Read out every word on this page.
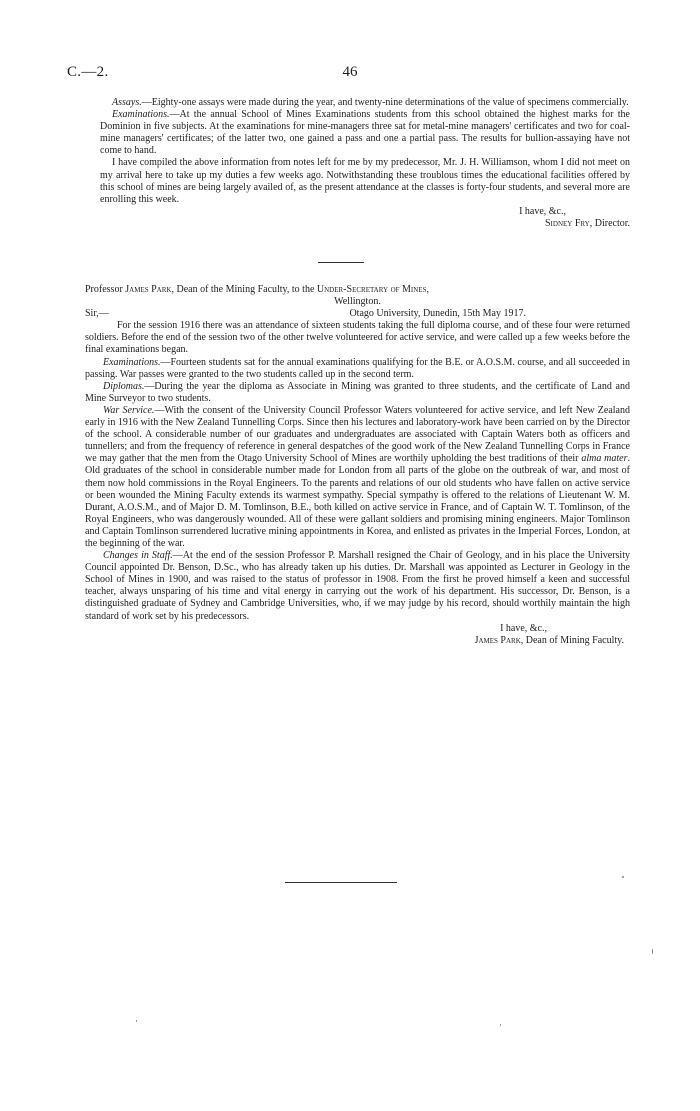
C.—2.	46

Assays.—Eighty-one assays were made during the year, and twenty-nine determinations of the value of specimens commercially.

Examinations.—At the annual School of Mines Examinations students from this school obtained the highest marks for the Dominion in five subjects. At the examinations for mine-managers three sat for metal-mine managers' certificates and two for coal-mine managers' certificates; of the latter two, one gained a pass and one a partial pass. The results for bullion-assaying have not come to hand.

I have compiled the above information from notes left for me by my predecessor, Mr. J. H. Williamson, whom I did not meet on my arrival here to take up my duties a few weeks ago. Notwithstanding these troublous times the educational facilities offered by this school of mines are being largely availed of, as the present attendance at the classes is forty-four students, and several more are enrolling this week.

I have, &c.,

Sidney Fry, Director.

Professor James Park, Dean of the Mining Faculty, to the Under-Secretary of Mines,

Wellington.

Sir,—	Otago University, Dunedin, 15th May 1917.

For the session 1916 there was an attendance of sixteen students taking the full diploma course, and of these four were returned soldiers. Before the end of the session two of the other twelve volunteered for active service, and were called up a few weeks before the final examinations began.

Examinations.—Fourteen students sat for the annual examinations qualifying for the B.E. or A.O.S.M. course, and all succeeded in passing. War passes were granted to the two students called up in the second term.

Diplomas.—During the year the diploma as Associate in Mining was granted to three students, and the certificate of Land and Mine Surveyor to two students.

War Service.—With the consent of the University Council Professor Waters volunteered for active service, and left New Zealand early in 1916 with the New Zealand Tunnelling Corps. Since then his lectures and laboratory-work have been carried on by the Director of the school. A considerable number of our graduates and undergraduates are associated with Captain Waters both as officers and tunnellers; and from the frequency of reference in general despatches of the good work of the New Zealand Tunnelling Corps in France we may gather that the men from the Otago University School of Mines are worthily upholding the best traditions of their alma mater. Old graduates of the school in considerable number made for London from all parts of the globe on the outbreak of war, and most of them now hold commissions in the Royal Engineers. To the parents and relations of our old students who have fallen on active service or been wounded the Mining Faculty extends its warmest sympathy. Special sympathy is offered to the relations of Lieutenant W. M. Durant, A.O.S.M., and of Major D. M. Tomlinson, B.E., both killed on active service in France, and of Captain W. T. Tomlinson, of the Royal Engineers, who was dangerously wounded. All of these were gallant soldiers and promising mining engineers. Major Tomlinson and Captain Tomlinson surrendered lucrative mining appointments in Korea, and enlisted as privates in the Imperial Forces, London, at the beginning of the war.

Changes in Staff.—At the end of the session Professor P. Marshall resigned the Chair of Geology, and in his place the University Council appointed Dr. Benson, D.Sc., who has already taken up his duties. Dr. Marshall was appointed as Lecturer in Geology in the School of Mines in 1900, and was raised to the status of professor in 1908. From the first he proved himself a keen and successful teacher, always unsparing of his time and vital energy in carrying out the work of his department. His successor, Dr. Benson, is a distinguished graduate of Sydney and Cambridge Universities, who, if we may judge by his record, should worthily maintain the high standard of work set by his predecessors.

I have, &c.,

James Park, Dean of Mining Faculty.
